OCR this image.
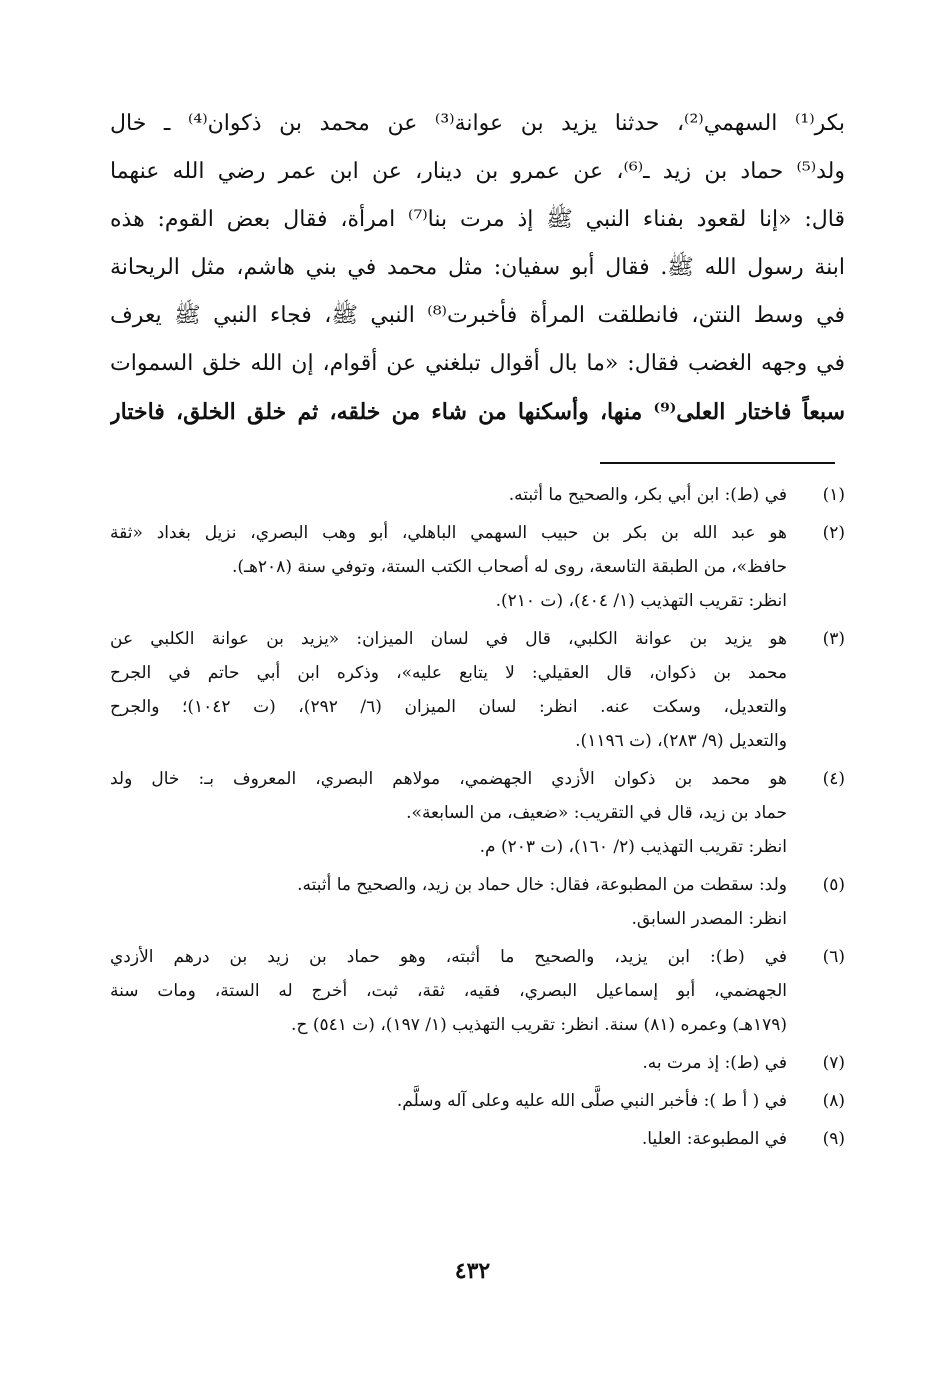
بكر⁽¹⁾ السهمي⁽²⁾، حدثنا يزيد بن عوانة⁽³⁾ عن محمد بن ذكوان⁽⁴⁾ ـ خال
ولد⁽⁵⁾ حماد بن زيد ـ⁽⁶⁾، عن عمرو بن دينار، عن ابن عمر رضي الله عنهما
قال: «إنا لقعود بفناء النبي ﷺ إذ مرت بنا⁽⁷⁾ امرأة، فقال بعض القوم: هذه
ابنة رسول الله ﷺ. فقال أبو سفيان: مثل محمد في بني هاشم، مثل الريحانة
في وسط النتن، فانطلقت المرأة فأخبرت⁽⁸⁾ النبي ﷺ، فجاء النبي ﷺ يعرف
في وجهه الغضب فقال: «ما بال أقوال تبلغني عن أقوام، إن الله خلق السموات
سبعاً فاختار العلى⁽⁹⁾ منها، وأسكنها من شاء من خلقه، ثم خلق الخلق، فاختار
(١)
في (ط): ابن أبي بكر، والصحيح ما أثبته.
(٢)
هو عبد الله بن بكر بن حبيب السهمي الباهلي، أبو وهب البصري، نزيل بغداد «ثقة
حافظ»، من الطبقة التاسعة، روى له أصحاب الكتب الستة، وتوفي سنة (٢٠٨هـ).
انظر: تقريب التهذيب (١/ ٤٠٤)، (ت ٢١٠).
(٣)
هو يزيد بن عوانة الكلبي، قال في لسان الميزان: «يزيد بن عوانة الكلبي عن
محمد بن ذكوان، قال العقيلي: لا يتابع عليه»، وذكره ابن أبي حاتم في الجرح
والتعديل، وسكت عنه. انظر: لسان الميزان (٦/ ٢٩٢)، (ت ١٠٤٢)؛ والجرح
والتعديل (٩/ ٢٨٣)، (ت ١١٩٦).
(٤)
هو محمد بن ذكوان الأزدي الجهضمي، مولاهم البصري، المعروف بـ: خال ولد
حماد بن زيد، قال في التقريب: «ضعيف، من السابعة».
انظر: تقريب التهذيب (٢/ ١٦٠)، (ت ٢٠٣) م.
(٥)
ولد: سقطت من المطبوعة، فقال: خال حماد بن زيد، والصحيح ما أثبته.
انظر: المصدر السابق.
(٦)
في (ط): ابن يزيد، والصحيح ما أثبته، وهو حماد بن زيد بن درهم الأزدي
الجهضمي، أبو إسماعيل البصري، فقيه، ثقة، ثبت، أخرج له الستة، ومات سنة
(١٧٩هـ) وعمره (٨١) سنة. انظر: تقريب التهذيب (١/ ١٩٧)، (ت ٥٤١) ح.
(٧)
في (ط): إذ مرت به.
(٨)
في ( أ ط ): فأخبر النبي صلَّى الله عليه وعلى آله وسلَّم.
(٩)
في المطبوعة: العليا.
٤٣٢
